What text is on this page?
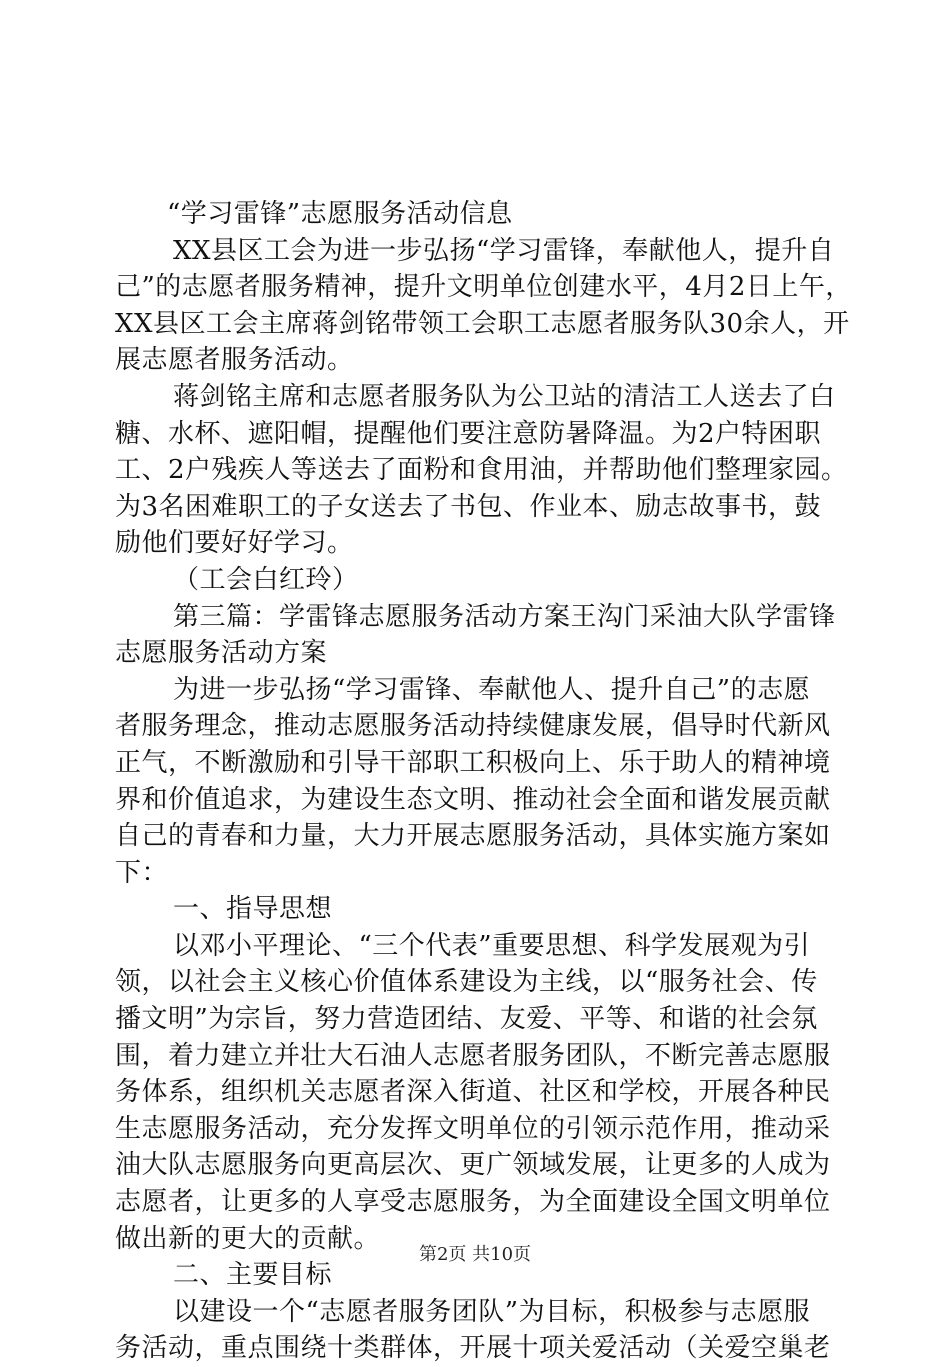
“学习雷锋”志愿服务活动信息
XX县区工会为进一步弘扬“学习雷锋，奉献他人，提升自
己”的志愿者服务精神，提升文明单位创建水平，4月2日上午，
XX县区工会主席蒋剑铭带领工会职工志愿者服务队30余人，开
展志愿者服务活动。
蒋剑铭主席和志愿者服务队为公卫站的清洁工人送去了白
糖、水杯、遮阳帽，提醒他们要注意防暑降温。为2户特困职
工、2户残疾人等送去了面粉和食用油，并帮助他们整理家园。
为3名困难职工的子女送去了书包、作业本、励志故事书，鼓
励他们要好好学习。
（工会白红玲）
第三篇：学雷锋志愿服务活动方案王沟门采油大队学雷锋
志愿服务活动方案
为进一步弘扬“学习雷锋、奉献他人、提升自己”的志愿
者服务理念，推动志愿服务活动持续健康发展，倡导时代新风
正气，不断激励和引导干部职工积极向上、乐于助人的精神境
界和价值追求，为建设生态文明、推动社会全面和谐发展贡献
自己的青春和力量，大力开展志愿服务活动，具体实施方案如
下：
一、指导思想
以邓小平理论、“三个代表”重要思想、科学发展观为引
领，以社会主义核心价值体系建设为主线，以“服务社会、传
播文明”为宗旨，努力营造团结、友爱、平等、和谐的社会氛
围，着力建立并壮大石油人志愿者服务团队，不断完善志愿服
务体系，组织机关志愿者深入街道、社区和学校，开展各种民
生志愿服务活动，充分发挥文明单位的引领示范作用，推动采
油大队志愿服务向更高层次、更广领域发展，让更多的人成为
志愿者，让更多的人享受志愿服务，为全面建设全国文明单位
做出新的更大的贡献。
二、主要目标
以建设一个“志愿者服务团队”为目标，积极参与志愿服
务活动，重点围绕十类群体，开展十项关爱活动（关爱空巢老
第2页 共10页
